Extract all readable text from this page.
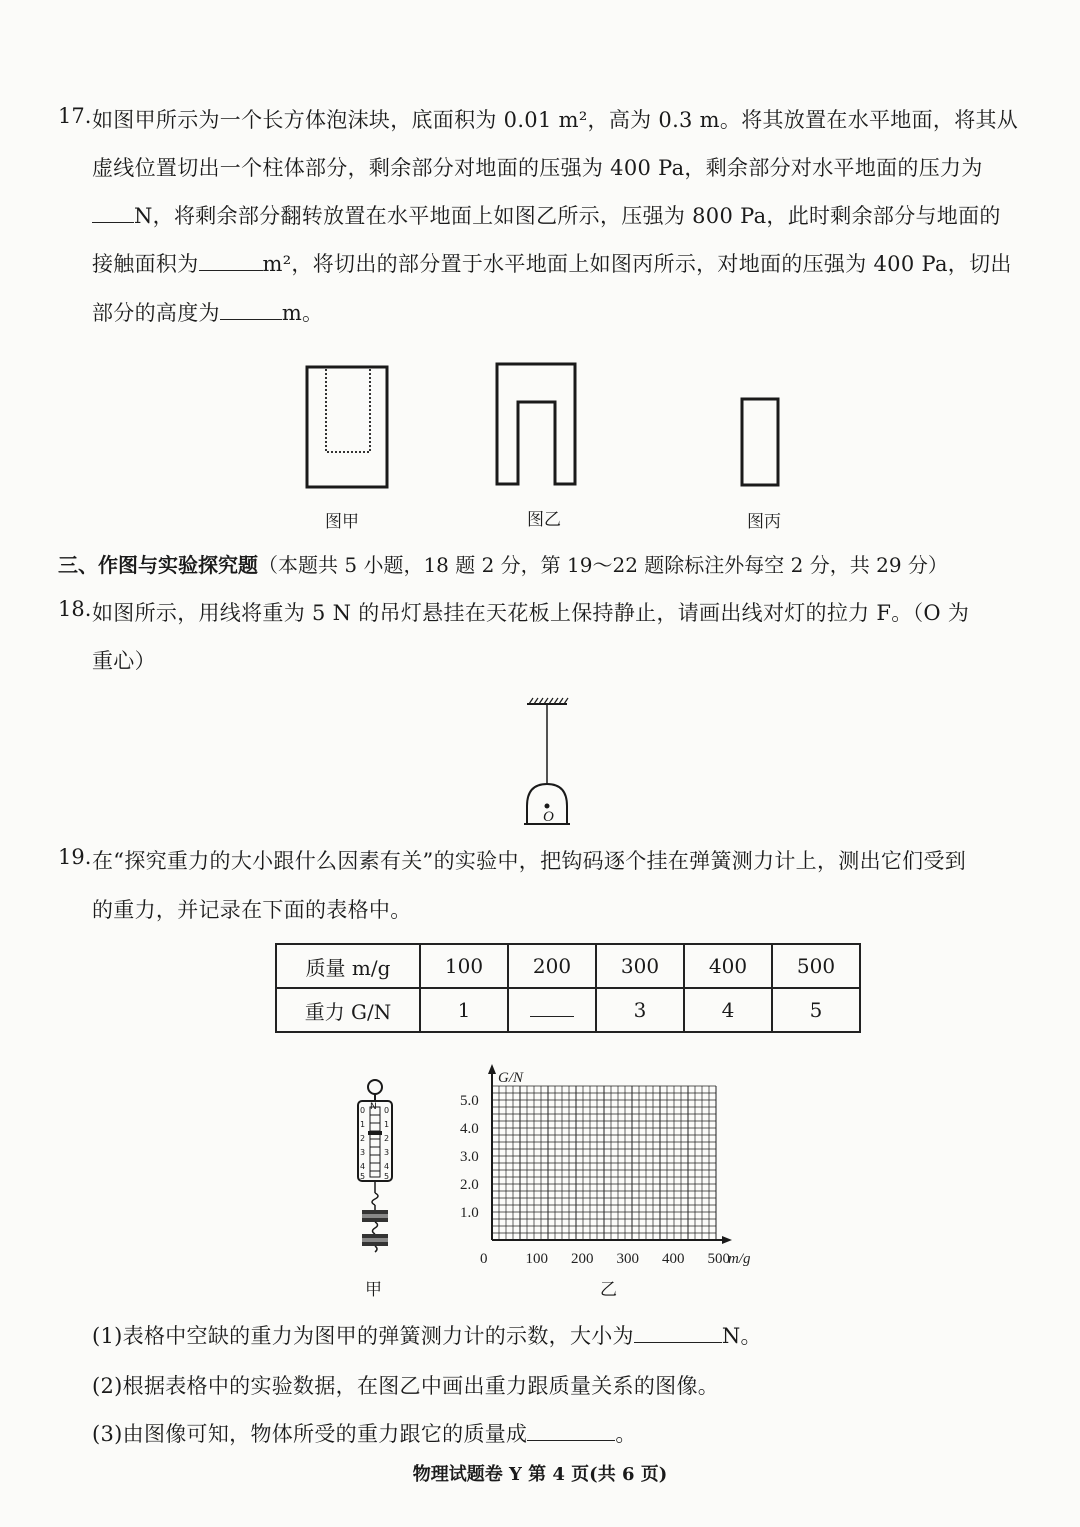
17. 如图甲所示为一个长方体泡沫块，底面积为 0.01 m²，高为 0.3 m。将其放置在水平地面，将其从
虚线位置切出一个柱体部分，剩余部分对地面的压强为 400 Pa，剩余部分对水平地面的压力为
N，将剩余部分翻转放置在水平地面上如图乙所示，压强为 800 Pa，此时剩余部分与地面的
接触面积为	m²，将切出的部分置于水平地面上如图丙所示，对地面的压强为 400 Pa，切出
部分的高度为	m。
图甲	图乙	图丙
三、作图与实验探究题（本题共 5 小题，18 题 2 分，第 19～22 题除标注外每空 2 分，共 29 分）
18. 如图所示，用线将重为 5 N 的吊灯悬挂在天花板上保持静止，请画出线对灯的拉力 F。（O 为
重心）
O
19. 在“探究重力的大小跟什么因素有关”的实验中，把钩码逐个挂在弹簧测力计上，测出它们受到
的重力，并记录在下面的表格中。
质量 m/g	100	200	300	400	500
重力 G/N	1		3	4	5
N
0
1
2
3
4
5
0
1
2
3
4
5
G/N
m/g
0
1.0
2.0
3.0
4.0
5.0
100 200 300 400 500
甲	乙
(1)表格中空缺的重力为图甲的弹簧测力计的示数，大小为	N。
(2)根据表格中的实验数据，在图乙中画出重力跟质量关系的图像。
(3)由图像可知，物体所受的重力跟它的质量成	。
物理试题卷 Y 第 4 页(共 6 页)
